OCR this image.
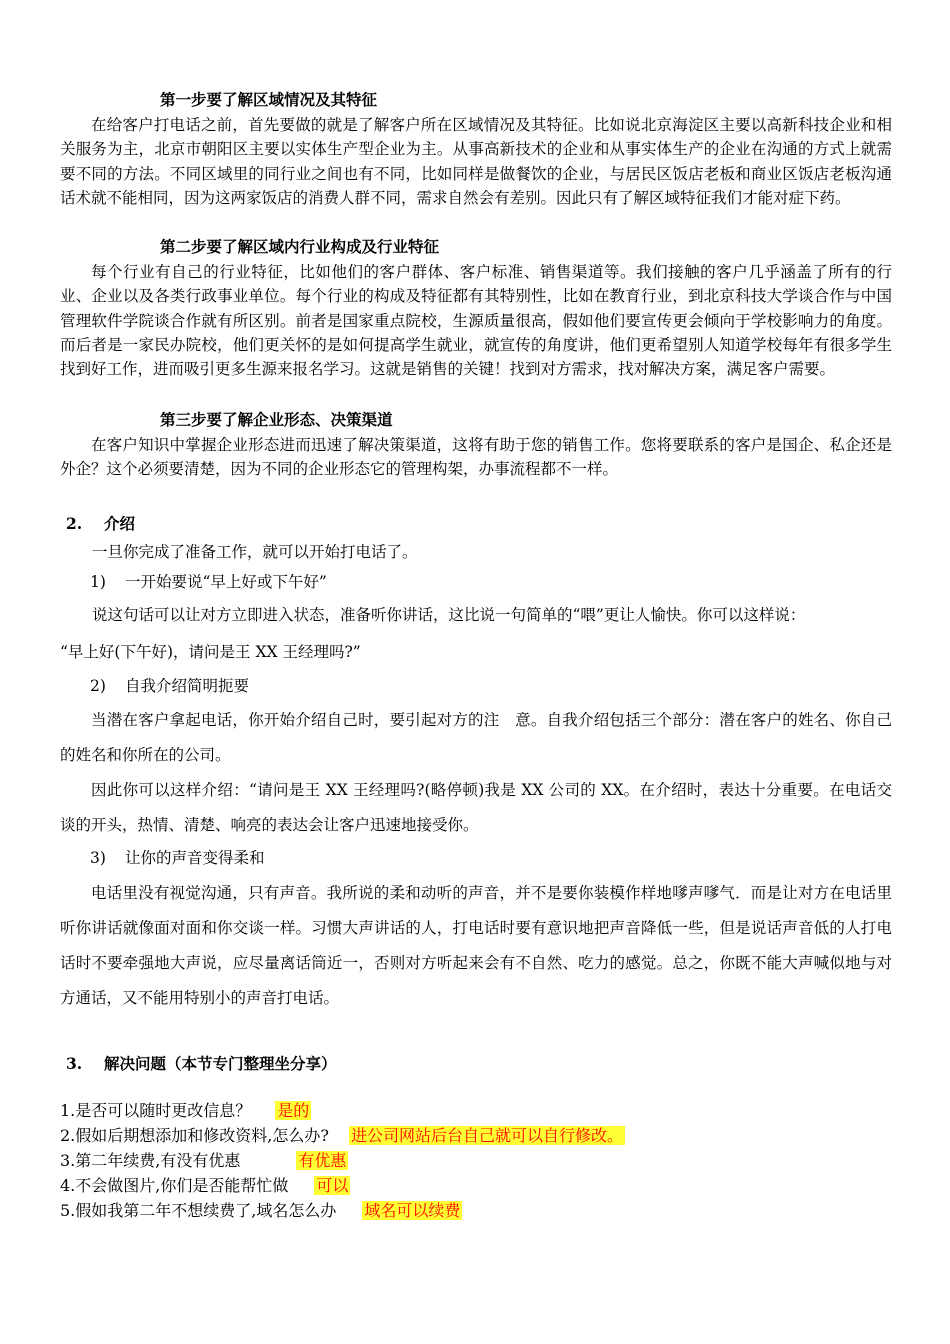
第一步要了解区域情况及其特征

在给客户打电话之前，首先要做的就是了解客户所在区域情况及其特征。比如说北京海淀区主要以高新科技企业和相关服务为主，北京市朝阳区主要以实体生产型企业为主。从事高新技术的企业和从事实体生产的企业在沟通的方式上就需要不同的方法。不同区域里的同行业之间也有不同，比如同样是做餐饮的企业，与居民区饭店老板和商业区饭店老板沟通话术就不能相同，因为这两家饭店的消费人群不同，需求自然会有差别。因此只有了解区域特征我们才能对症下药。

第二步要了解区域内行业构成及行业特征

每个行业有自己的行业特征，比如他们的客户群体、客户标准、销售渠道等。我们接触的客户几乎涵盖了所有的行业、企业以及各类行政事业单位。每个行业的构成及特征都有其特别性，比如在教育行业，到北京科技大学谈合作与中国管理软件学院谈合作就有所区别。前者是国家重点院校，生源质量很高，假如他们要宣传更会倾向于学校影响力的角度。而后者是一家民办院校，他们更关怀的是如何提高学生就业，就宣传的角度讲，他们更希望别人知道学校每年有很多学生找到好工作，进而吸引更多生源来报名学习。这就是销售的关键！找到对方需求，找对解决方案，满足客户需要。

第三步要了解企业形态、决策渠道

在客户知识中掌握企业形态进而迅速了解决策渠道，这将有助于您的销售工作。您将要联系的客户是国企、私企还是外企？这个必须要清楚，因为不同的企业形态它的管理构架，办事流程都不一样。

2. 介绍

一旦你完成了准备工作，就可以开始打电话了。

1) 一开始要说“早上好或下午好”

说这句话可以让对方立即进入状态，准备听你讲话，这比说一句简单的“喂”更让人愉快。你可以这样说：

“早上好(下午好)，请问是王 XX 王经理吗?”

2) 自我介绍简明扼要

当潜在客户拿起电话，你开始介绍自己时，要引起对方的注　意。自我介绍包括三个部分：潜在客户的姓名、你自己的姓名和你所在的公司。

因此你可以这样介绍：“请问是王 XX 王经理吗?(略停顿)我是 XX 公司的 XX。在介绍时，表达十分重要。在电话交谈的开头，热情、清楚、响亮的表达会让客户迅速地接受你。

3) 让你的声音变得柔和

电话里没有视觉沟通，只有声音。我所说的柔和动听的声音，并不是要你装模作样地嗲声嗲气．而是让对方在电话里听你讲话就像面对面和你交谈一样。习惯大声讲话的人，打电话时要有意识地把声音降低一些，但是说话声音低的人打电话时不要牵强地大声说，应尽量离话筒近一，否则对方听起来会有不自然、吃力的感觉。总之，你既不能大声喊似地与对方通话，又不能用特别小的声音打电话。

3. 解决问题（本节专门整理坐分享）

1.是否可以随时更改信息？ 是的

2.假如后期想添加和修改资料,怎么办? 进公司网站后台自己就可以自行修改。

3.第二年续费,有没有优惠	有优惠

4.不会做图片,你们是否能帮忙做 可以

5.假如我第二年不想续费了,域名怎么办 域名可以续费
